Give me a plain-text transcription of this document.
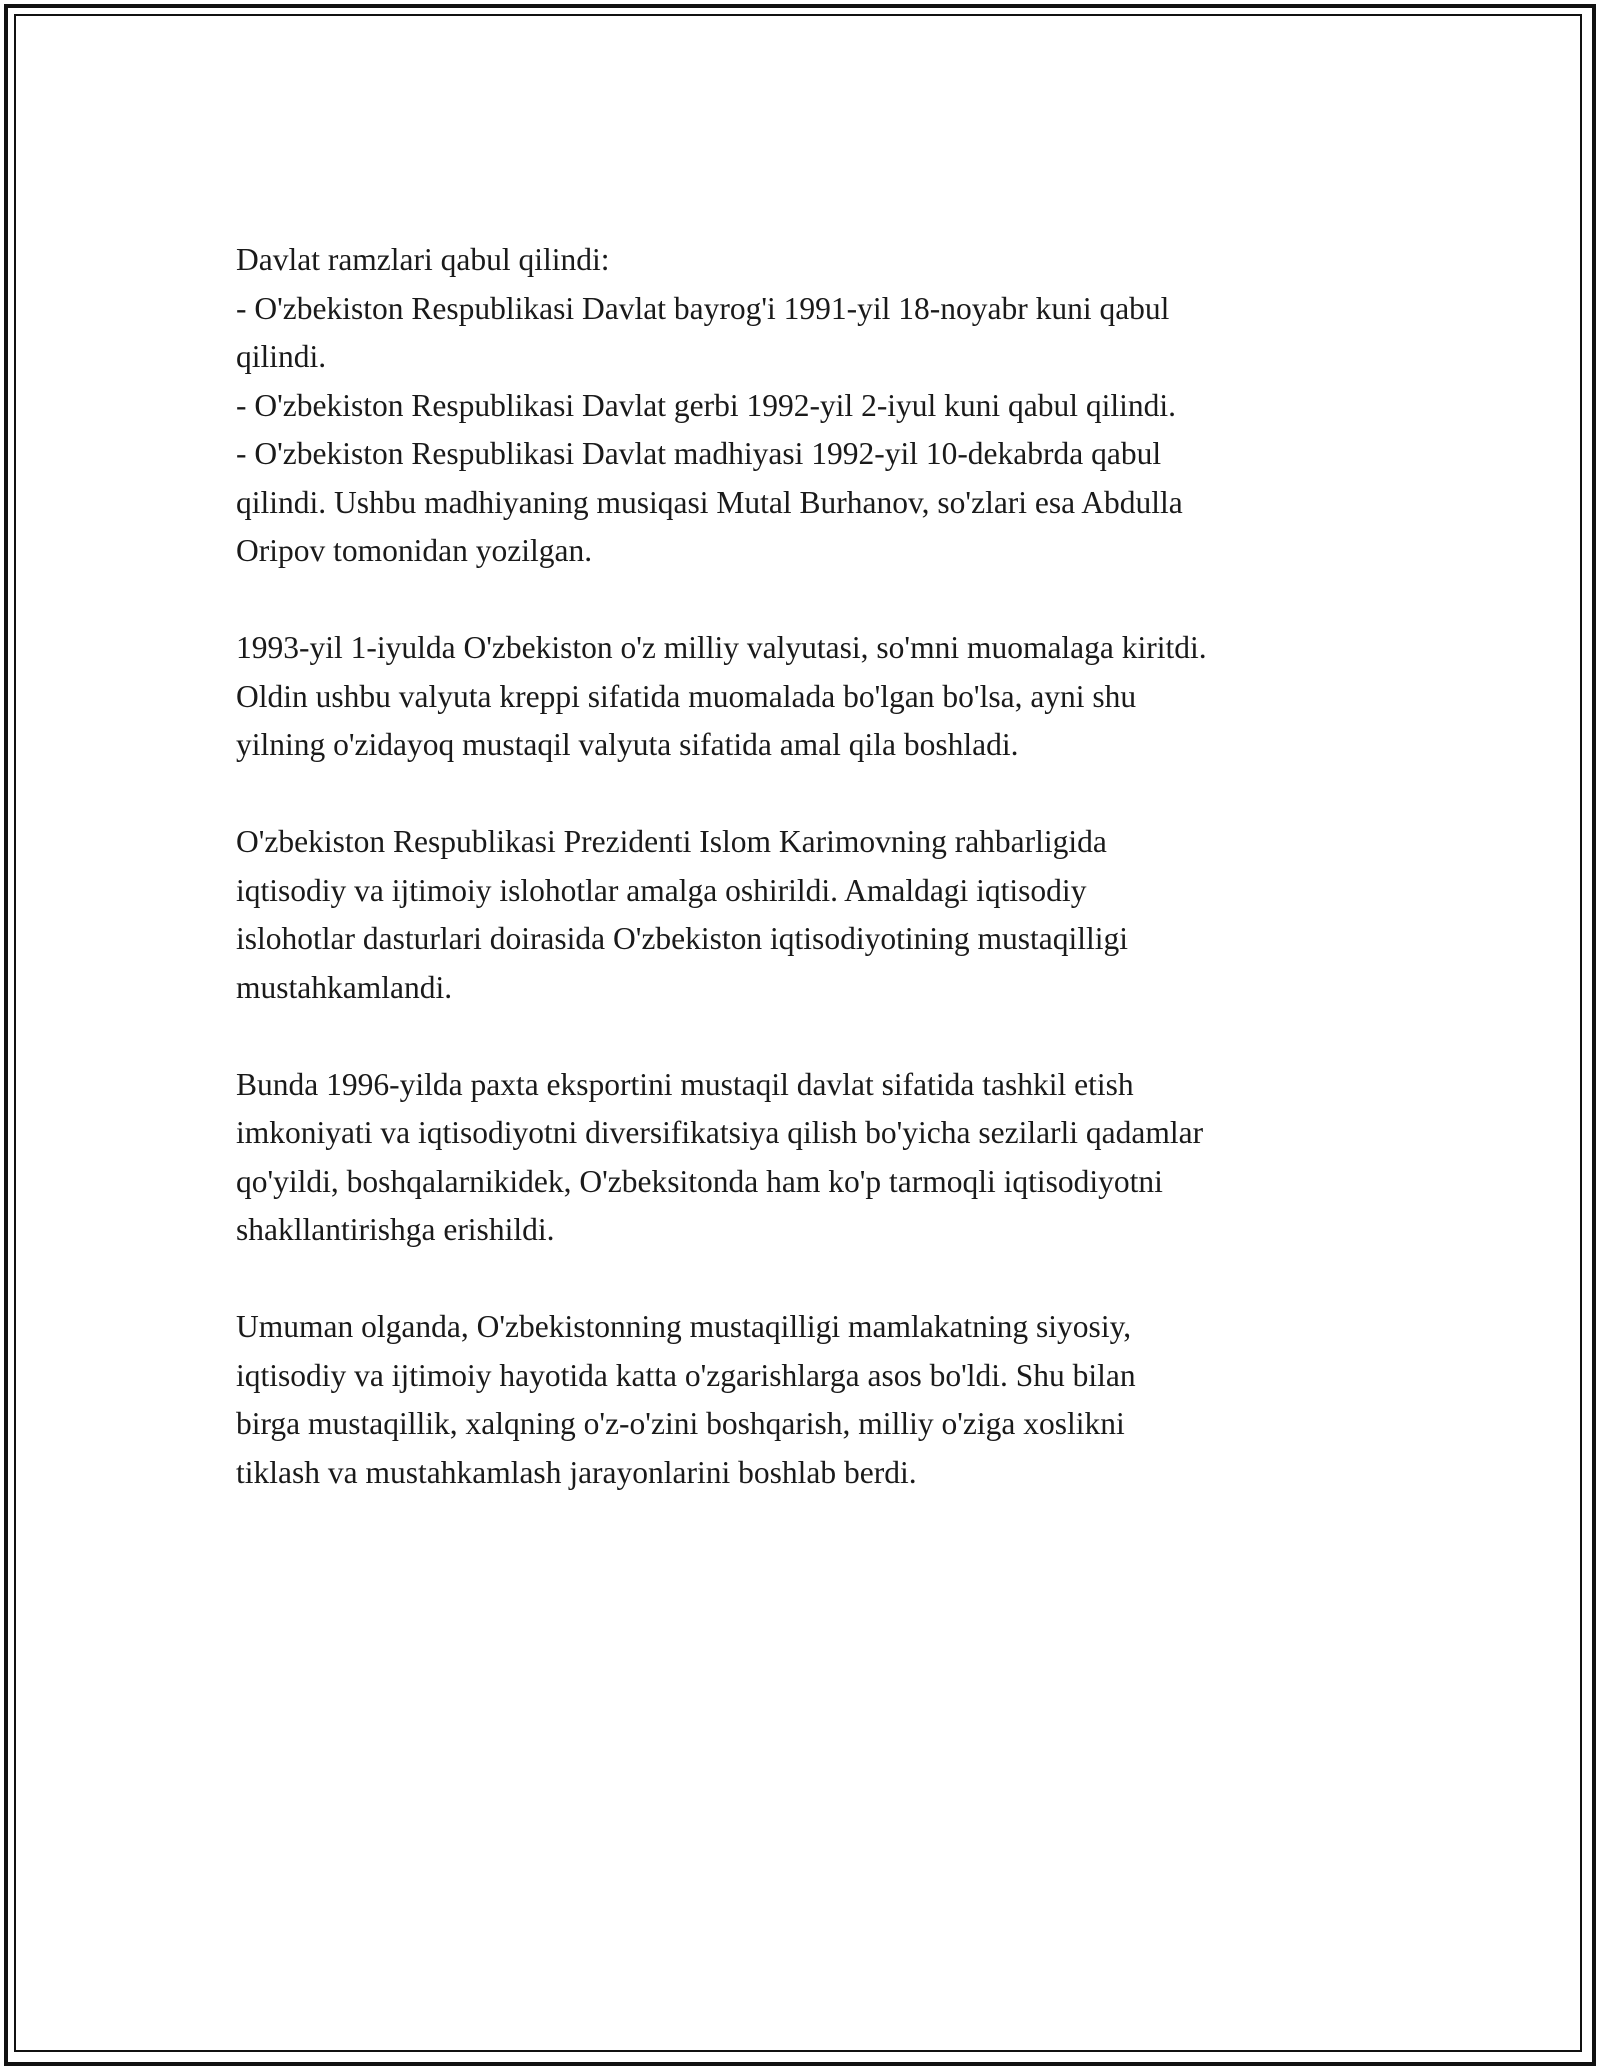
Davlat ramzlari qabul qilindi:
- O'zbekiston Respublikasi Davlat bayrog'i 1991-yil 18-noyabr kuni qabul
qilindi.
- O'zbekiston Respublikasi Davlat gerbi 1992-yil 2-iyul kuni qabul qilindi.
- O'zbekiston Respublikasi Davlat madhiyasi 1992-yil 10-dekabrda qabul
qilindi. Ushbu madhiyaning musiqasi Mutal Burhanov, so'zlari esa Abdulla
Oripov tomonidan yozilgan.
1993-yil 1-iyulda O'zbekiston o'z milliy valyutasi, so'mni muomalaga kiritdi.
Oldin ushbu valyuta kreppi sifatida muomalada bo'lgan bo'lsa, ayni shu
yilning o'zidayoq mustaqil valyuta sifatida amal qila boshladi.
O'zbekiston Respublikasi Prezidenti Islom Karimovning rahbarligida
iqtisodiy va ijtimoiy islohotlar amalga oshirildi. Amaldagi iqtisodiy
islohotlar dasturlari doirasida O'zbekiston iqtisodiyotining mustaqilligi
mustahkamlandi.
Bunda 1996-yilda paxta eksportini mustaqil davlat sifatida tashkil etish
imkoniyati va iqtisodiyotni diversifikatsiya qilish bo'yicha sezilarli qadamlar
qo'yildi, boshqalarnikidek, O'zbeksitonda ham ko'p tarmoqli iqtisodiyotni
shakllantirishga erishildi.
Umuman olganda, O'zbekistonning mustaqilligi mamlakatning siyosiy,
iqtisodiy va ijtimoiy hayotida katta o'zgarishlarga asos bo'ldi. Shu bilan
birga mustaqillik, xalqning o'z-o'zini boshqarish, milliy o'ziga xoslikni
tiklash va mustahkamlash jarayonlarini boshlab berdi.
